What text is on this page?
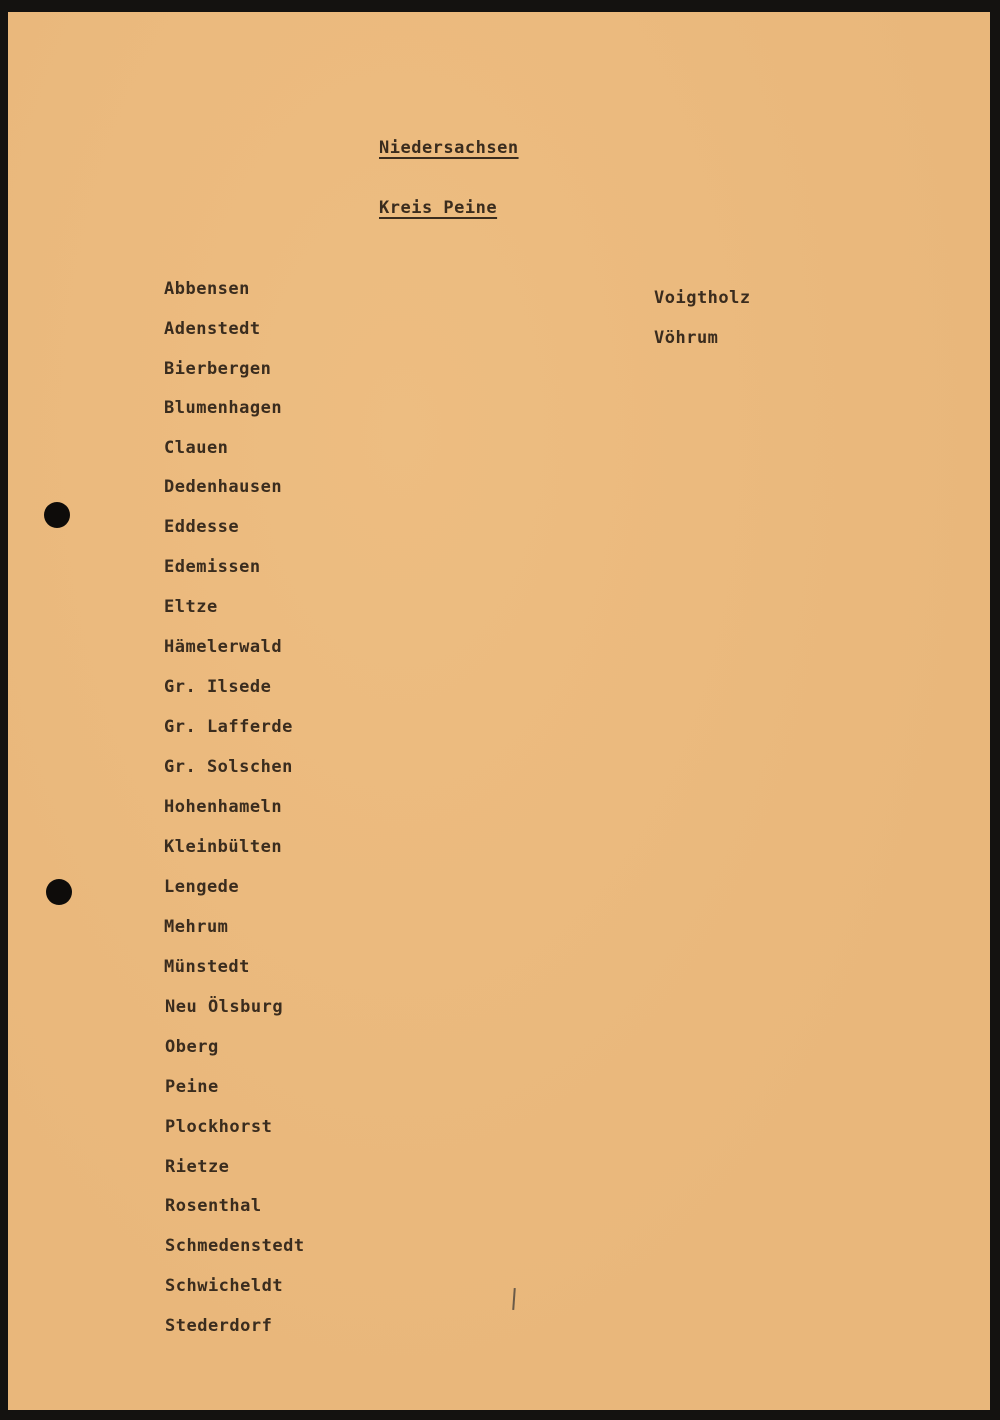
Niedersachsen
Kreis Peine
Abbensen
Adenstedt
Bierbergen
Blumenhagen
Clauen
Dedenhausen
Eddesse
Edemissen
Eltze
Hämelerwald
Gr. Ilsede
Gr. Lafferde
Gr. Solschen
Hohenhameln
Kleinbülten
Lengede
Mehrum
Münstedt
Neu Ölsburg
Oberg
Peine
Plockhorst
Rietze
Rosenthal
Schmedenstedt
Schwicheldt
Stederdorf
Voigtholz
Vöhrum
